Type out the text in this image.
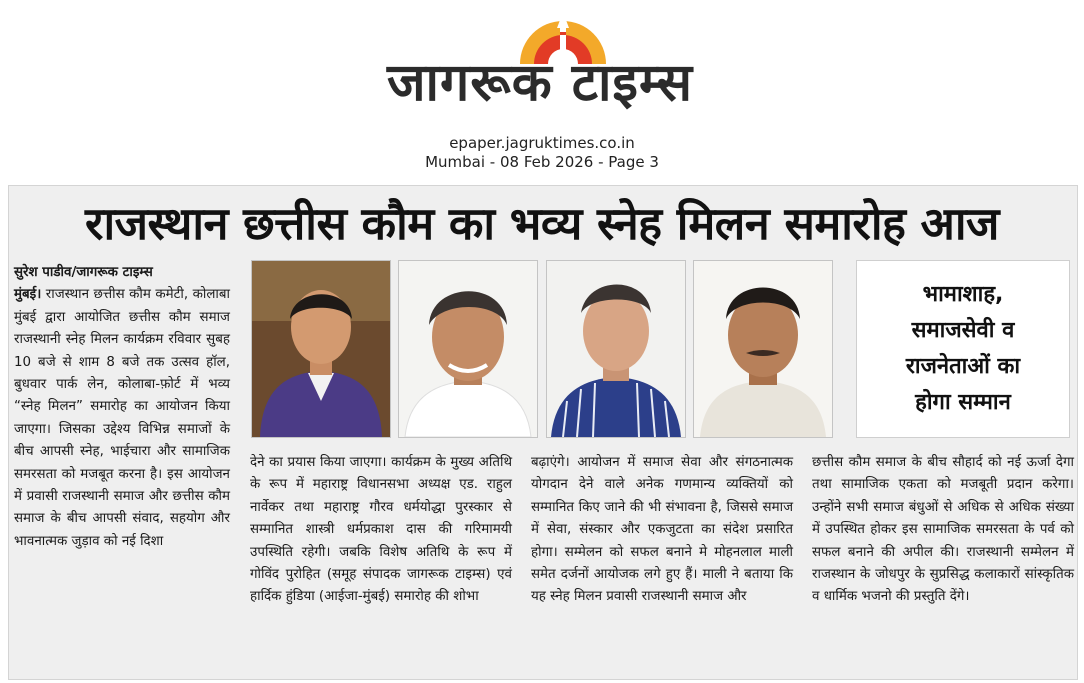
जागरूक टाइम्स
epaper.jagruktimes.co.in
Mumbai - 08 Feb 2026 - Page 3
राजस्थान छत्तीस कौम का भव्य स्नेह मिलन समारोह आज
सुरेश पाडीव/जागरूक टाइम्स
मुंबई। राजस्थान छत्तीस कौम कमेटी, कोलाबा मुंबई द्वारा आयोजित छत्तीस कौम समाज राजस्थानी स्नेह मिलन कार्यक्रम रविवार सुबह 10 बजे से शाम 8 बजे तक उत्सव हॉल, बुधवार पार्क लेन, कोलाबा-फ़ोर्ट में भव्य “स्नेह मिलन” समारोह का आयोजन किया जाएगा। जिसका उद्देश्य विभिन्न समाजों के बीच आपसी स्नेह, भाईचारा और सामाजिक समरसता को मजबूत करना है। इस आयोजन में प्रवासी राजस्थानी समाज और छत्तीस कौम समाज के बीच आपसी संवाद, सहयोग और भावनात्मक जुड़ाव को नई दिशा
भामाशाह,
समाजसेवी व
राजनेताओं का
होगा सम्मान
देने का प्रयास किया जाएगा। कार्यक्रम के मुख्य अतिथि के रूप में महाराष्ट्र विधानसभा अध्यक्ष एड. राहुल नार्वेकर तथा महाराष्ट्र गौरव धर्मयोद्धा पुरस्कार से सम्मानित शास्त्री धर्मप्रकाश दास की गरिमामयी उपस्थिति रहेगी। जबकि विशेष अतिथि के रूप में गोविंद पुरोहित (समूह संपादक जागरूक टाइम्स) एवं हार्दिक हुंडिया (आईजा-मुंबई) समारोह की शोभा
बढ़ाएंगे। आयोजन में समाज सेवा और संगठनात्मक योगदान देने वाले अनेक गणमान्य व्यक्तियों को सम्मानित किए जाने की भी संभावना है, जिससे समाज में सेवा, संस्कार और एकजुटता का संदेश प्रसारित होगा। सम्मेलन को सफल बनाने मे मोहनलाल माली समेत दर्जनों आयोजक लगे हुए हैं। माली ने बताया कि यह स्नेह मिलन प्रवासी राजस्थानी समाज और
छत्तीस कौम समाज के बीच सौहार्द को नई ऊर्जा देगा तथा सामाजिक एकता को मजबूती प्रदान करेगा। उन्होंने सभी समाज बंधुओं से अधिक से अधिक संख्या में उपस्थित होकर इस सामाजिक समरसता के पर्व को सफल बनाने की अपील की। राजस्थानी सम्मेलन में राजस्थान के जोधपुर के सुप्रसिद्ध कलाकारों सांस्कृतिक व धार्मिक भजनो की प्रस्तुति देंगे।
